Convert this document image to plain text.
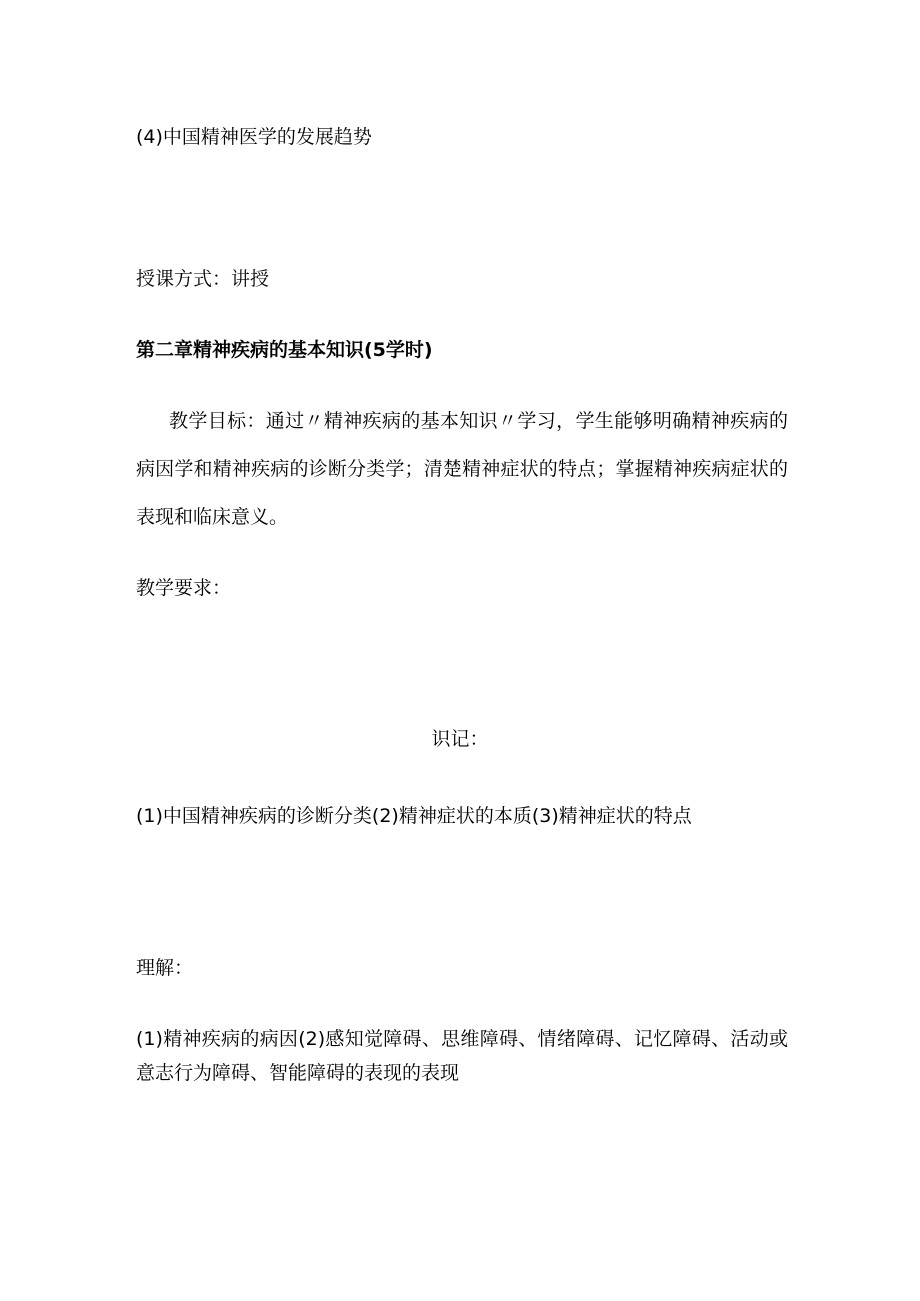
(4)中国精神医学的发展趋势
授课方式：讲授
第二章精神疾病的基本知识(5学时)
教学目标：通过〃精神疾病的基本知识〃学习，学生能够明确精神疾病的病因学和精神疾病的诊断分类学；清楚精神症状的特点；掌握精神疾病症状的表现和临床意义。
教学要求：
识记：
(1)中国精神疾病的诊断分类(2)精神症状的本质(3)精神症状的特点
理解：
(1)精神疾病的病因(2)感知觉障碍、思维障碍、情绪障碍、记忆障碍、活动或意志行为障碍、智能障碍的表现的表现
